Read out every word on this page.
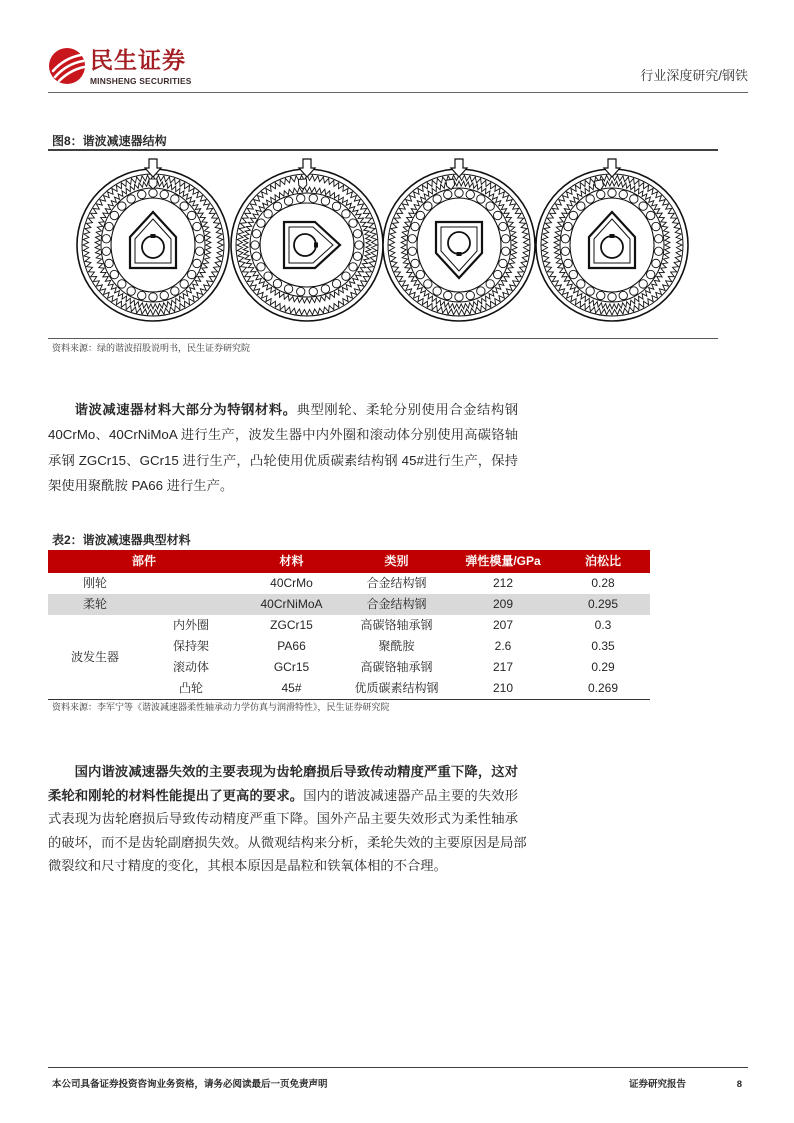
民生证券
MINSHENG SECURITIES	行业深度研究/钢铁
图8：谐波减速器结构
资料来源：绿的谐波招股说明书，民生证券研究院
谐波减速器材料大部分为特钢材料。典型刚轮、柔轮分别使用合金结构钢
40CrMo、40CrNiMoA 进行生产，波发生器中内外圈和滚动体分别使用高碳铬轴
承钢 ZGCr15、GCr15 进行生产，凸轮使用优质碳素结构钢 45#进行生产，保持
架使用聚酰胺 PA66 进行生产。
表2：谐波减速器典型材料
部件		材料	类别	弹性模量/GPa	泊松比
刚轮		40CrMo	合金结构钢	212	0.28
柔轮		40CrNiMoA	合金结构钢	209	0.295
波发生器	内外圈	ZGCr15	高碳铬轴承钢	207	0.3
	保持架	PA66	聚酰胺	2.6	0.35
	滚动体	GCr15	高碳铬轴承钢	217	0.29
	凸轮	45#	优质碳素结构钢	210	0.269
资料来源：李军宁等《谐波减速器柔性轴承动力学仿真与润滑特性》，民生证券研究院
国内谐波减速器失效的主要表现为齿轮磨损后导致传动精度严重下降，这对
柔轮和刚轮的材料性能提出了更高的要求。国内的谐波减速器产品主要的失效形
式表现为齿轮磨损后导致传动精度严重下降。国外产品主要失效形式为柔性轴承
的破坏，而不是齿轮副磨损失效。从微观结构来分析，柔轮失效的主要原因是局部
微裂纹和尺寸精度的变化，其根本原因是晶粒和铁氧体相的不合理。
本公司具备证券投资咨询业务资格，请务必阅读最后一页免责声明	证券研究报告	8
